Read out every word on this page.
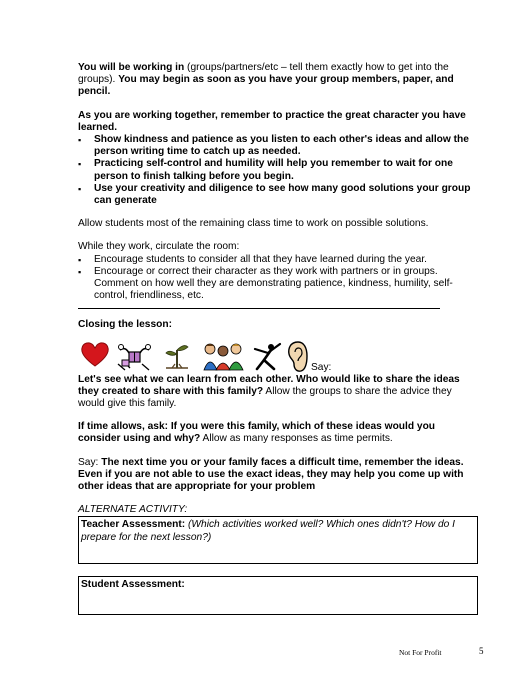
You will be working in (groups/partners/etc – tell them exactly how to get into the groups). You may begin as soon as you have your group members, paper, and pencil.

As you are working together, remember to practice the great character you have learned.

▪ Show kindness and patience as you listen to each other's ideas and allow the person writing time to catch up as needed.
▪ Practicing self-control and humility will help you remember to wait for one person to finish talking before you begin.
▪ Use your creativity and diligence to see how many good solutions your group can generate

Allow students most of the remaining class time to work on possible solutions.

While they work, circulate the room:

▪ Encourage students to consider all that they have learned during the year.
▪ Encourage or correct their character as they work with partners or in groups. Comment on how well they are demonstrating patience, kindness, humility, self-control, friendliness, etc.

Closing the lesson:

Say:

Let's see what we can learn from each other. Who would like to share the ideas they created to share with this family? Allow the groups to share the advice they would give this family.

If time allows, ask: If you were this family, which of these ideas would you consider using and why? Allow as many responses as time permits.

Say: The next time you or your family faces a difficult time, remember the ideas. Even if you are not able to use the exact ideas, they may help you come up with other ideas that are appropriate for your problem

ALTERNATE ACTIVITY:

Teacher Assessment: (Which activities worked well? Which ones didn't? How do I prepare for the next lesson?)
Student Assessment:
Not For Profit	5
